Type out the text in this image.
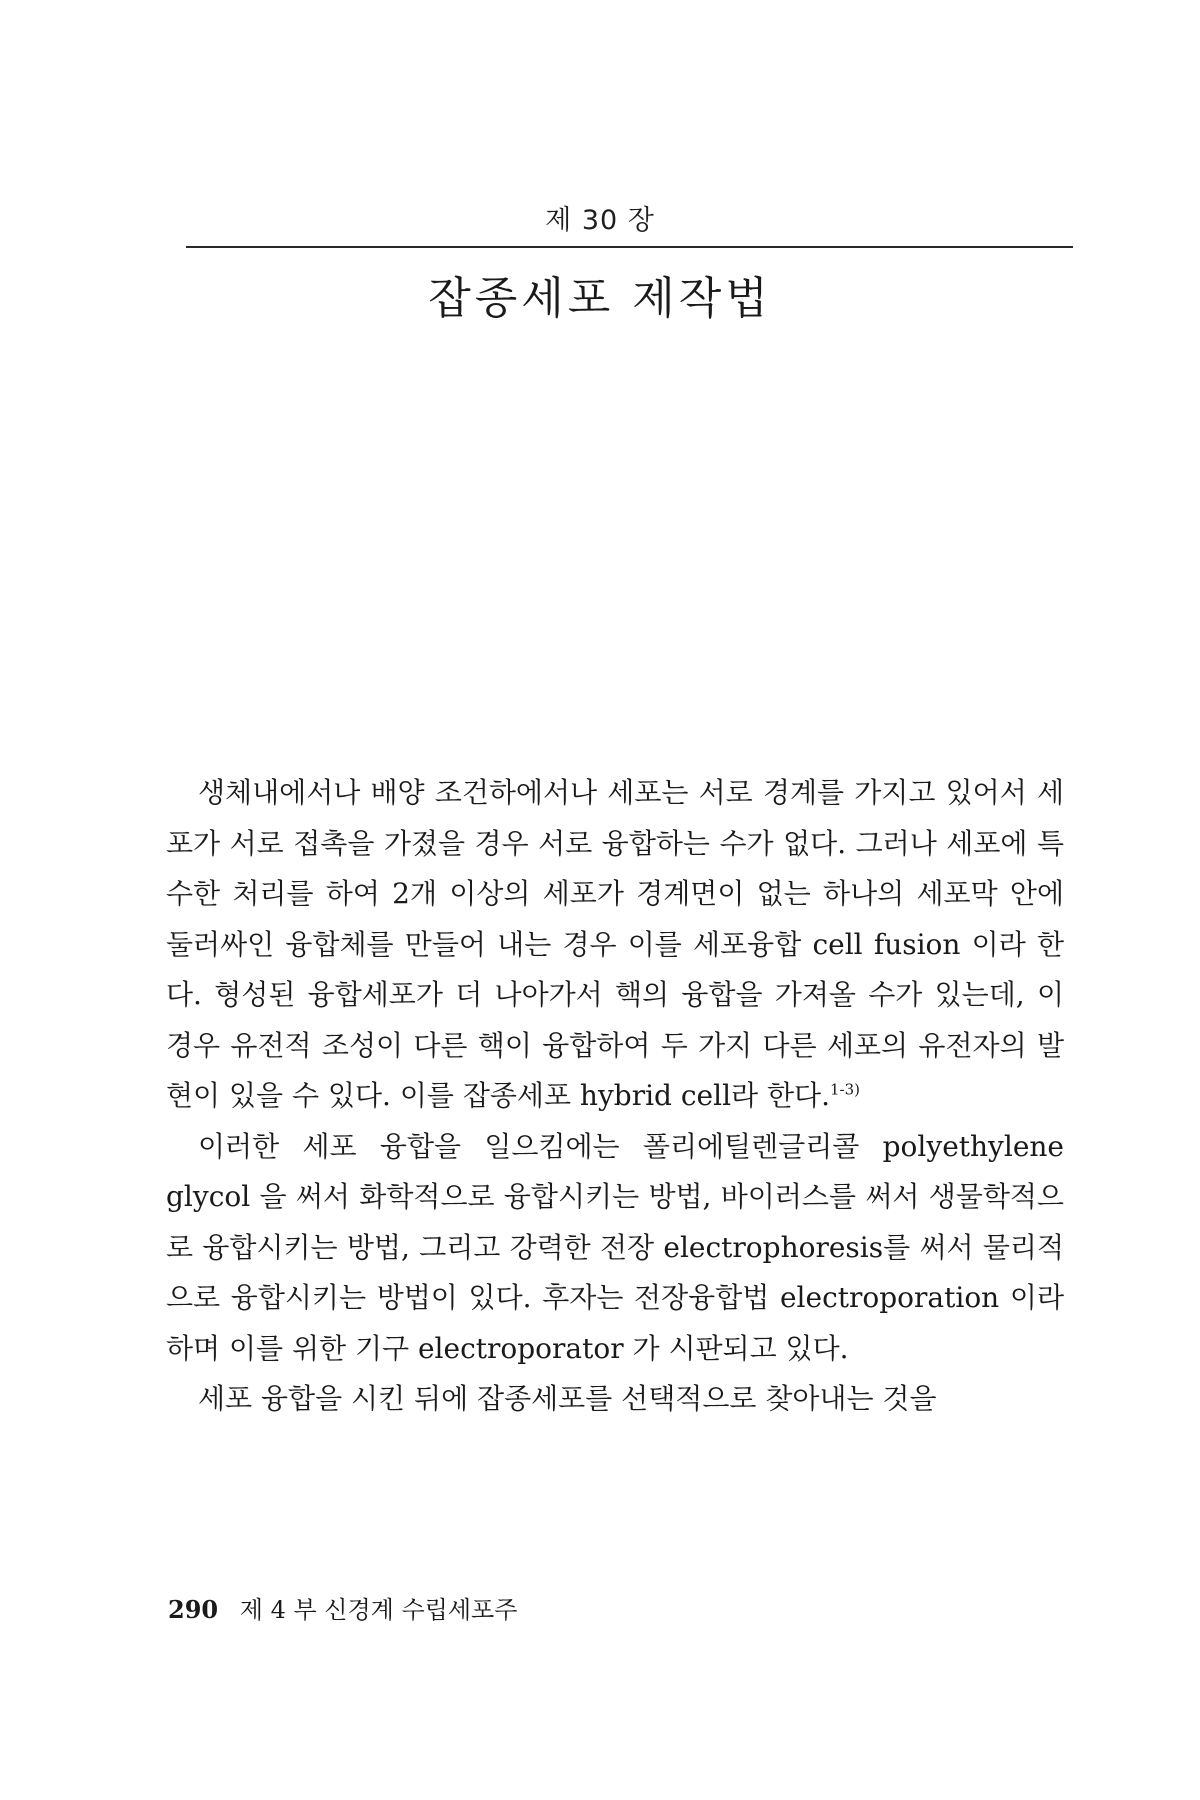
제 30 장
잡종세포 제작법

생체내에서나 배양 조건하에서나 세포는 서로 경계를 가지고 있어서 세포가 서로 접촉을 가졌을 경우 서로 융합하는 수가 없다. 그러나 세포에 특수한 처리를 하여 2개 이상의 세포가 경계면이 없는 하나의 세포막 안에 둘러싸인 융합체를 만들어 내는 경우 이를 세포융합 cell fusion 이라 한다. 형성된 융합세포가 더 나아가서 핵의 융합을 가져올 수가 있는데, 이 경우 유전적 조성이 다른 핵이 융합하여 두 가지 다른 세포의 유전자의 발현이 있을 수 있다. 이를 잡종세포 hybrid cell라 한다.$^{1-3)}$

이러한 세포 융합을 일으킴에는 폴리에틸렌글리콜 polyethylene glycol 을 써서 화학적으로 융합시키는 방법, 바이러스를 써서 생물학적으로 융합시키는 방법, 그리고 강력한 전장 electrophoresis를 써서 물리적으로 융합시키는 방법이 있다. 후자는 전장융합법 electroporation 이라 하며 이를 위한 기구 electroporator 가 시판되고 있다.

세포 융합을 시킨 뒤에 잡종세포를 선택적으로 찾아내는 것을

290 제 4 부 신경계 수립세포주
